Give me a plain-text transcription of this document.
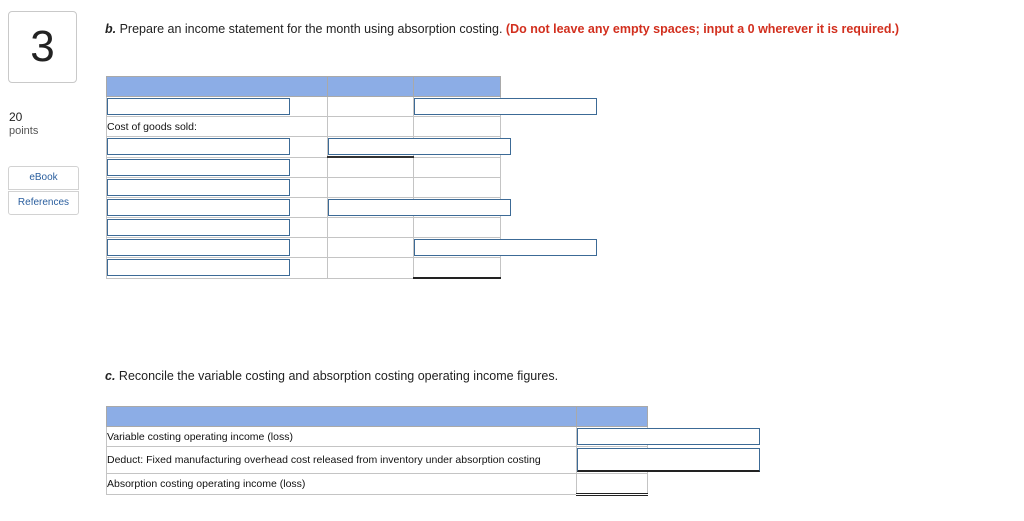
3
20
points
eBook
References
b. Prepare an income statement for the month using absorption costing. (Do not leave any empty spaces; input a 0 wherever it is required.)

Cost of goods sold:		

c. Reconcile the variable costing and absorption costing operating income figures.

Variable costing operating income (loss)	

Deduct: Fixed manufacturing overhead cost released from inventory under absorption costing	

Absorption costing operating income (loss)	
